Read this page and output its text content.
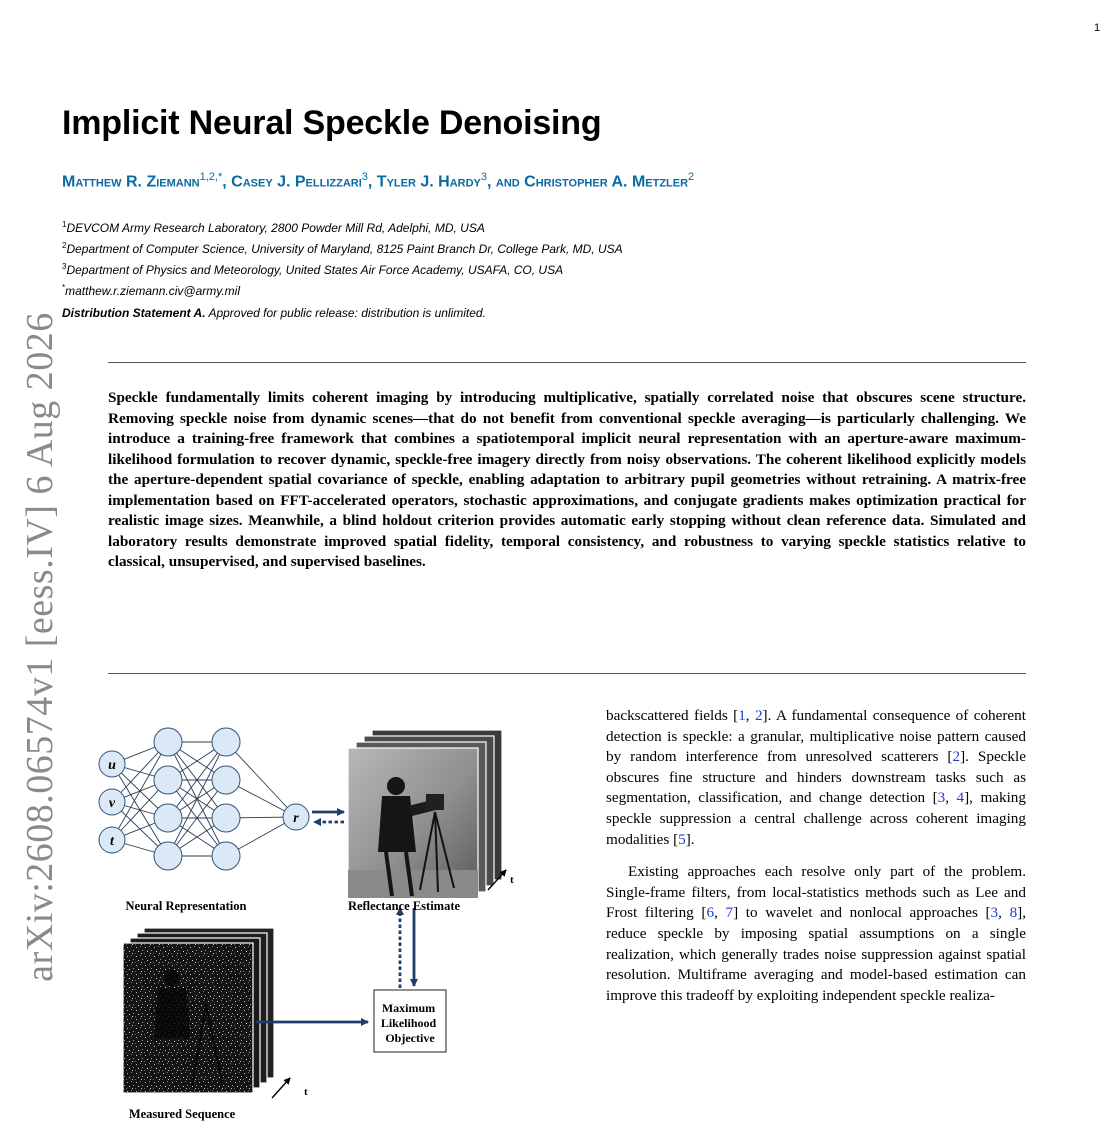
1
arXiv:2608.06574v1 [eess.IV] 6 Aug 2026
Implicit Neural Speckle Denoising
Matthew R. Ziemann$^{1,2,*}$, Casey J. Pellizzari$^3$, Tyler J. Hardy$^3$, and Christopher A. Metzler$^2$
$^1$DEVCOM Army Research Laboratory, 2800 Powder Mill Rd, Adelphi, MD, USA
$^2$Department of Computer Science, University of Maryland, 8125 Paint Branch Dr, College Park, MD, USA
$^3$Department of Physics and Meteorology, United States Air Force Academy, USAFA, CO, USA
*matthew.r.ziemann.civ@army.mil
Distribution Statement A. Approved for public release: distribution is unlimited.

Speckle fundamentally limits coherent imaging by introducing multiplicative, spatially correlated noise that obscures scene structure. Removing speckle noise from dynamic scenes—that do not benefit from conventional speckle averaging—is particularly challenging. We introduce a training-free framework that combines a spatiotemporal implicit neural representation with an aperture-aware maximum-likelihood formulation to recover dynamic, speckle-free imagery directly from noisy observations. The coherent likelihood explicitly models the aperture-dependent spatial covariance of speckle, enabling adaptation to arbitrary pupil geometries without retraining. A matrix-free implementation based on FFT-accelerated operators, stochastic approximations, and conjugate gradients makes optimization practical for realistic image sizes. Meanwhile, a blind holdout criterion provides automatic early stopping without clean reference data. Simulated and laboratory results demonstrate improved spatial fidelity, temporal consistency, and robustness to varying speckle statistics relative to classical, unsupervised, and supervised baselines.

u
v
t
r
t
t
Maximum Likelihood Objective
Neural Representation	Reflectance Estimate
Measured Sequence

backscattered fields [1, 2]. A fundamental consequence of coherent detection is speckle: a granular, multiplicative noise pattern caused by random interference from unresolved scatterers [2]. Speckle obscures fine structure and hinders downstream tasks such as segmentation, classification, and change detection [3, 4], making speckle suppression a central challenge across coherent imaging modalities [5].

Existing approaches each resolve only part of the problem. Single-frame filters, from local-statistics methods such as Lee and Frost filtering [6, 7] to wavelet and nonlocal approaches [3, 8], reduce speckle by imposing spatial assumptions on a single realization, which generally trades noise suppression against spatial resolution. Multiframe averaging and model-based estimation can improve this tradeoff by exploiting independent speckle realiza-
